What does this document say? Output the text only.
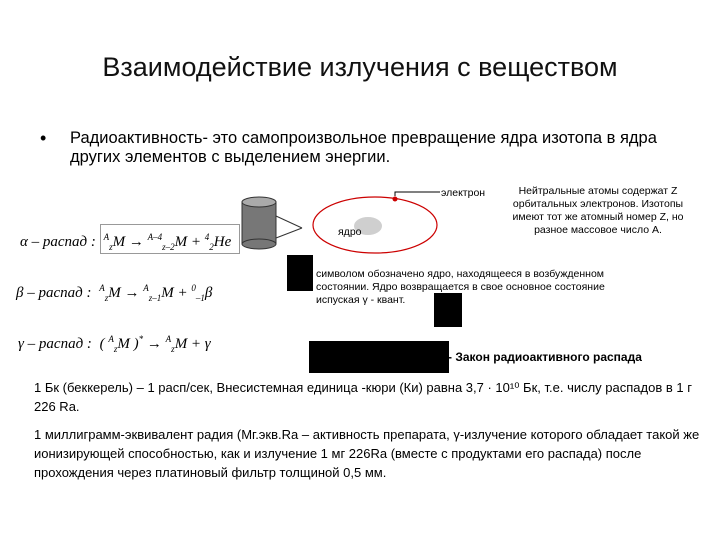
Взаимодействие излучения с веществом
• Радиоактивность- это самопроизвольное превращение ядра изотопа в ядра других элементов с выделением энергии.
электрон
ядро
Нейтральные атомы содержат Z орбитальных электронов. Изотопы имеют тот же атомный номер Z, но разное массовое число А.
α – распад : $^A_z$M → $^{A-4}_{z-2}$M + $^4_2$He
β – распад : $^A_z$M → $^A_{z-1}$M + $^0_{-1}$β
символом обозначено ядро, находящееся в возбужденном состоянии. Ядро возвращается в свое основное состояние испуская γ - квант.
γ – распад : ( $^A_z$M )* → $^A_z$M + γ
- Закон радиоактивного распада
1 Бк (беккерель) – 1 расп/сек, Внесистемная единица -кюри (Ки) равна 3,7 · 10¹⁰ Бк, т.е. числу распадов в 1 г 226 Ra.
1 миллиграмм-эквивалент радия (Мг.экв.Ra – активность препарата, γ-излучение которого обладает такой же ионизирующей способностью, как и излучение 1 мг 226Ra (вместе с продуктами его распада) после прохождения через платиновый фильтр толщиной 0,5 мм.
